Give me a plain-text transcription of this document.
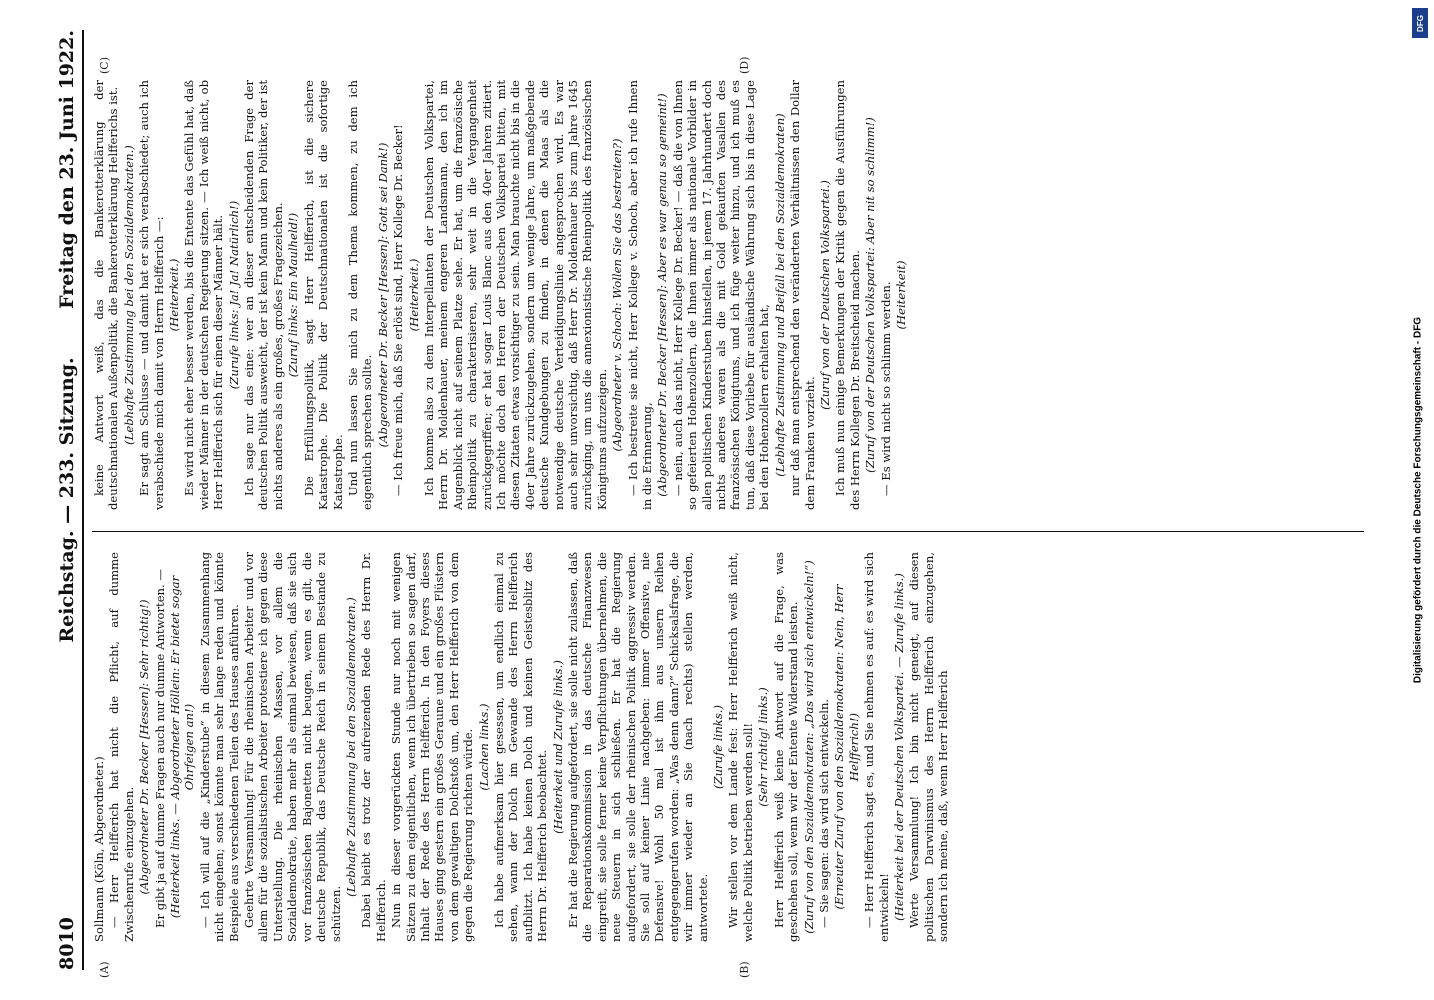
8010
Reichstag. — 233. Sitzung.
Freitag den 23. Juni 1922.
(A)	(B)
(C)	(D)

Sollmann (Köln, Abgeordneter.) — Herr Helfferich hat nicht die Pflicht, auf dumme Zwischenrufe einzugehen. (Abgeordneter Dr. Becker [Hessen]: Sehr richtig!) Er gibt ja auf dumme Fragen auch nur dumme Antworten. — (Heiterkeit links. — Abgeordneter Höllein: Er bietet sogar Ohrfeigen an!) — Ich will auf die „Kinderstube“ in diesem Zusammenhang nicht eingehen; sonst könnte man sehr lange reden und könnte Beispiele aus verschiedenen Teilen des Hauses anführen. Geehrte Versammlung! Für die rheinischen Arbeiter und vor allem für die sozialistischen Arbeiter protestiere ich gegen diese Unterstellung. Die rheinischen Massen, vor allem die Sozialdemokratie, haben mehr als einmal bewiesen, daß sie sich vor französischen Bajonetten nicht beugen, wenn es gilt, die deutsche Republik, das Deutsche Reich in seinem Bestande zu schützen.

(Lebhafte Zustimmung bei den Sozialdemokraten.) Dabei bleibt es trotz der aufreizenden Rede des Herrn Dr. Helfferich. Nun in dieser vorgerückten Stunde nur noch mit wenigen Sätzen zu dem eigentlichen, wenn ich übertrieben so sagen darf, Inhalt der Rede des Herrn Helfferich. In den Foyers dieses Hauses ging gestern ein großes Geraune und ein großes Flüstern von dem gewaltigen Dolchstoß um, den Herr Helfferich von dem gegen die Regierung richten würde. (Lachen links.) Ich habe aufmerksam hier gesessen, um endlich einmal zu sehen, wann der Dolch im Gewande des Herrn Helfferich aufblitzt. Ich habe keinen Dolch und keinen Geistesblitz des Herrn Dr. Helfferich beobachtet.

(Heiterkeit und Zurufe links.) Er hat die Regierung aufgefordert, sie solle nicht zulassen, daß die Reparationskommission in das deutsche Finanzwesen eingreift, sie solle ferner keine Verpflichtungen übernehmen, die neue Steuern in sich schließen. Er hat die Regierung aufgefordert, sie solle der rheinischen Politik aggressiv werden. Sie soll auf keiner Linie nachgeben: immer Offensive, nie Defensive! Wohl 50 mal ist ihm aus unsern Reihen entgegengerufen worden: „Was denn dann?“ Schicksalsfrage, die wir immer wieder an Sie (nach rechts) stellen werden, antwortete.

(Zurufe links.) Wir stellen vor dem Lande fest: Herr Helfferich weiß nicht, welche Politik betrieben werden soll! (Sehr richtig! links.) Herr Helfferich weiß keine Antwort auf die Frage, was geschehen soll, wenn wir der Entente Widerstand leisten. (Zuruf von den Sozialdemokraten: „Das wird sich entwickeln!“) — Sie sagen: das wird sich entwickeln. (Erneuter Zuruf von den Sozialdemokraten: Nein, Herr Helfferich!) — Herr Helfferich sagt es, und Sie nehmen es auf: es wird sich entwickeln! (Heiterkeit bei der Deutschen Volkspartei. — Zurufe links.) Werte Versammlung! Ich bin nicht geneigt, auf diesen politischen Darwinismus des Herrn Helfferich einzugehen, sondern ich meine, daß, wenn Herr Helfferich

keine Antwort weiß, das die Bankerotterklärung der deutschnationalen Außenpolitik, die Bankerotterklärung Helfferichs ist. (Lebhafte Zustimmung bei den Sozialdemokraten.) Er sagt am Schlusse — und damit hat er sich verabschiedet; auch ich verabschiede mich damit von Herrn Helfferich —: (Heiterkeit.) Es wird nicht eher besser werden, bis die Entente das Gefühl hat, daß wieder Männer in der deutschen Regierung sitzen. — Ich weiß nicht, ob Herr Helfferich sich für einen dieser Männer hält. (Zurufe links: Ja! Ja! Natürlich!) Ich sage nur das eine: wer an dieser entscheidenden Frage der deutschen Politik ausweicht, der ist kein Mann und kein Politiker, der ist nichts anderes als ein großes, großes Fragezeichen. (Zuruf links: Ein Maulheld!) Die Erfüllungspolitik, sagt Herr Helfferich, ist die sichere Katastrophe. Die Politik der Deutschnationalen ist die sofortige Katastrophe. Und nun lassen Sie mich zu dem Thema kommen, zu dem ich eigentlich sprechen sollte. (Abgeordneter Dr. Becker [Hessen]: Gott sei Dank!) — Ich freue mich, daß Sie erlöst sind, Herr Kollege Dr. Becker! (Heiterkeit.) Ich komme also zu dem Interpellanten der Deutschen Volkspartei, Herrn Dr. Moldenhauer, meinem engeren Landsmann, den ich im Augenblick nicht auf seinem Platze sehe. Er hat, um die französische Rheinpolitik zu charakterisieren, sehr weit in die Vergangenheit zurückgegriffen; er hat sogar Louis Blanc aus den 40er Jahren zitiert. Ich möchte doch den Herren der Deutschen Volkspartei bitten, mit diesen Zitaten etwas vorsichtiger zu sein. Man brauchte nicht bis in die 40er Jahre zurückzugehen, sondern um wenige Jahre, um maßgebende deutsche Kundgebungen zu finden, in denen die Maas als die notwendige deutsche Verteidigungslinie angesprochen wird. Es war auch sehr unvorsichtig, daß Herr Dr. Moldenhauer bis zum Jahre 1645 zurückging, um uns die annexionistische Rheinpolitik des französischen Königtums aufzuzeigen. (Abgeordneter v. Schoch: Wollen Sie das bestreiten?) — Ich bestreite sie nicht, Herr Kollege v. Schoch, aber ich rufe Ihnen in die Erinnerung, (Abgeordneter Dr. Becker [Hessen]: Aber es war genau so gemeint!) — nein, auch das nicht, Herr Kollege Dr. Becker! — daß die von Ihnen so gefeierten Hohenzollern, die Ihnen immer als nationale Vorbilder in allen politischen Kinderstuben hinstellen, in jenem 17. Jahrhundert doch nichts anderes waren als die mit Gold gekauften Vasallen des französischen Königtums, und ich füge weiter hinzu, und ich muß es tun, daß diese Vorliebe für ausländische Währung sich bis in diese Lage bei den Hohenzollern erhalten hat, (Lebhafte Zustimmung und Beifall bei den Sozialdemokraten) nur daß man entsprechend den veränderten Verhältnissen den Dollar dem Franken vorzieht.

(Zuruf von der Deutschen Volkspartei.) Ich muß nun einige Bemerkungen der Kritik gegen die Ausführungen des Herrn Kollegen Dr. Breitscheid machen. (Zuruf von der Deutschen Volkspartei: Aber nit so schlimm!) — Es wird nicht so schlimm werden. (Heiterkeit)

DFG
Digitalisierung gefördert durch die Deutsche Forschungsgemeinschaft - DFG
